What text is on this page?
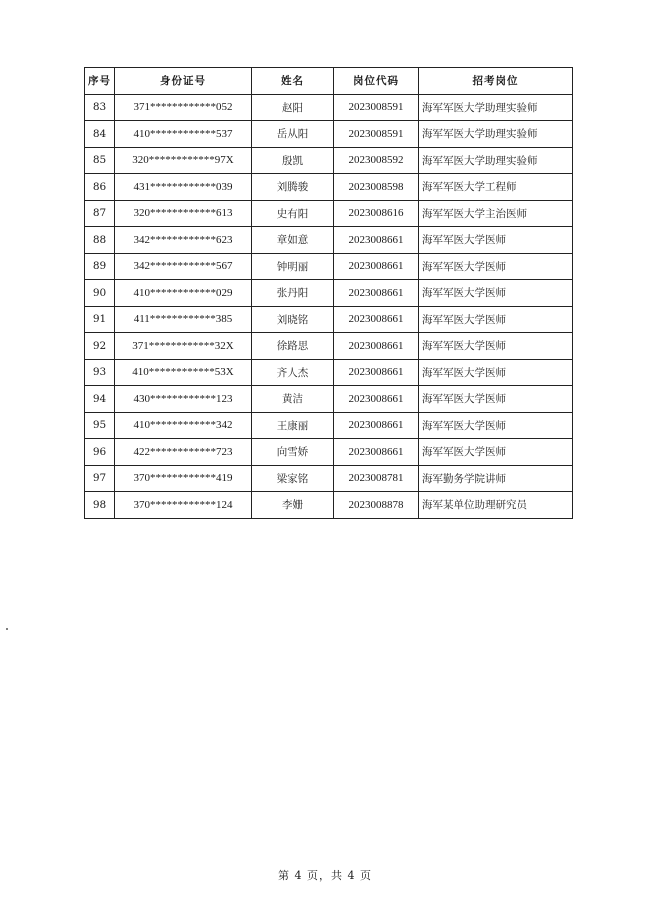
序号	身份证号	姓名	岗位代码	招考岗位
83	371************052	赵阳	2023008591	海军军医大学助理实验师
84	410************537	岳从阳	2023008591	海军军医大学助理实验师
85	320************97X	殷凯	2023008592	海军军医大学助理实验师
86	431************039	刘腾骏	2023008598	海军军医大学工程师
87	320************613	史有阳	2023008616	海军军医大学主治医师
88	342************623	章如意	2023008661	海军军医大学医师
89	342************567	钟明丽	2023008661	海军军医大学医师
90	410************029	张丹阳	2023008661	海军军医大学医师
91	411************385	刘晓铭	2023008661	海军军医大学医师
92	371************32X	徐路思	2023008661	海军军医大学医师
93	410************53X	齐人杰	2023008661	海军军医大学医师
94	430************123	黄洁	2023008661	海军军医大学医师
95	410************342	王康丽	2023008661	海军军医大学医师
96	422************723	向雪娇	2023008661	海军军医大学医师
97	370************419	梁家铭	2023008781	海军勤务学院讲师
98	370************124	李姗	2023008878	海军某单位助理研究员
第 4 页，共 4 页
